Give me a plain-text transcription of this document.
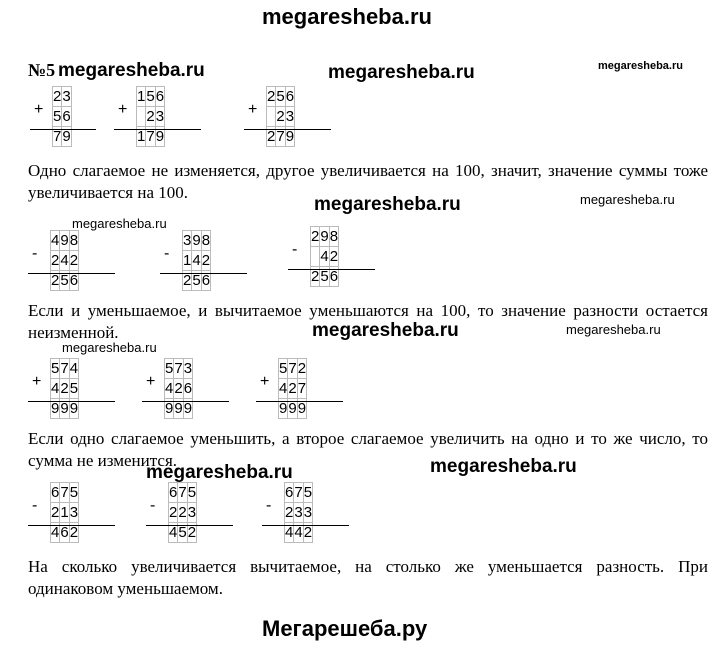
megaresheba.ru
№5 megaresheba.ru	megaresheba.ru	megaresheba.ru
+
2	3
5	6
7	9
+
1	5	6
	2	3
1	7	9
+
2	5	6
	2	3
2	7	9
Одно слагаемое не изменяется, другое увеличивается на 100, значит, значение суммы тоже увеличивается на 100.
megaresheba.ru	megaresheba.ru
megaresheba.ru
-
4	9	8
2	4	2
2	5	6
-
3	9	8
1	4	2
2	5	6
-
2	9	8
	4	2
2	5	6
Если и уменьшаемое, и вычитаемое уменьшаются на 100, то значение разности остается неизменной.	megaresheba.ru	megaresheba.ru
megaresheba.ru
+
5	7	4
4	2	5
9	9	9
+
5	7	3
4	2	6
9	9	9
+
5	7	2
4	2	7
9	9	9
Если одно слагаемое уменьшить, а второе слагаемое увеличить на одно и то же число, то сумма не изменится.
megaresheba.ru	megaresheba.ru
-
6	7	5
2	1	3
4	6	2
-
6	7	5
2	2	3
4	5	2
-
6	7	5
2	3	3
4	4	2
На сколько увеличивается вычитаемое, на столько же уменьшается разность. При одинаковом уменьшаемом.
Мегарешеба.ру
